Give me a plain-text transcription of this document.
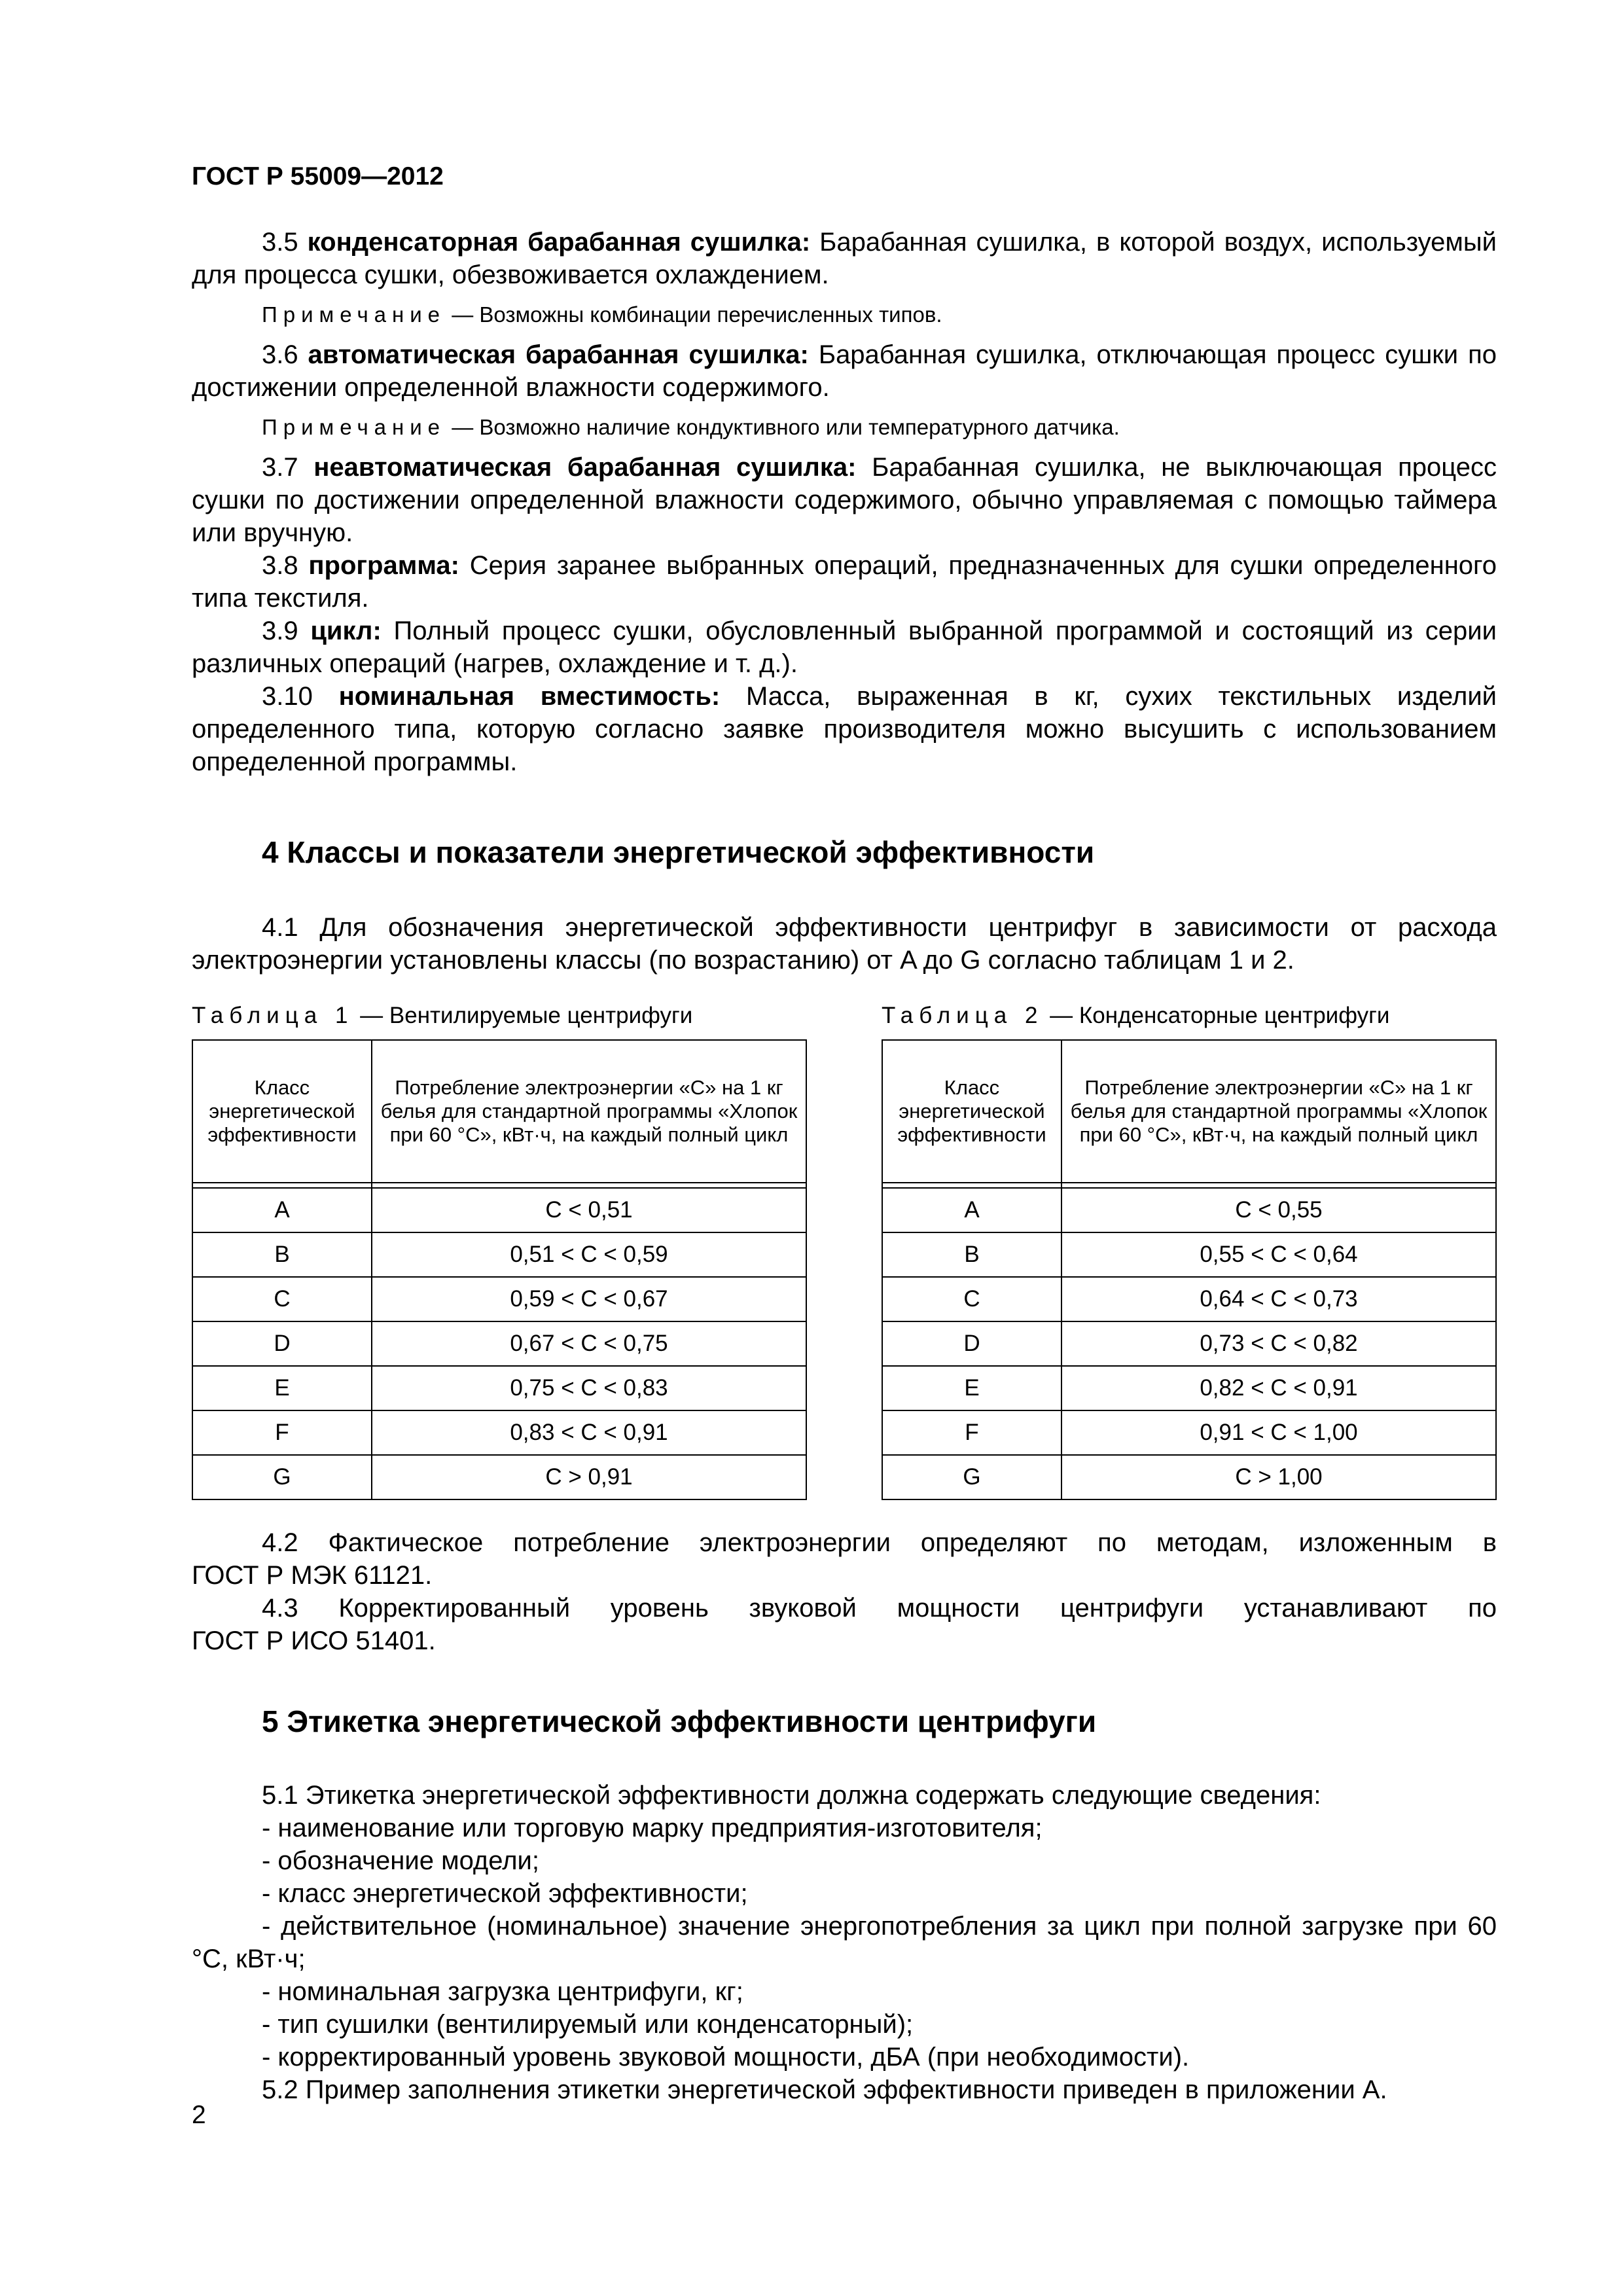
ГОСТ Р 55009—2012

3.5 конденсаторная барабанная сушилка: Барабанная сушилка, в которой воздух, используемый для процесса сушки, обезвоживается охлаждением.

Примечание — Возможны комбинации перечисленных типов.

3.6 автоматическая барабанная сушилка: Барабанная сушилка, отключающая процесс сушки по достижении определенной влажности содержимого.

Примечание — Возможно наличие кондуктивного или температурного датчика.

3.7 неавтоматическая барабанная сушилка: Барабанная сушилка, не выключающая процесс сушки по достижении определенной влажности содержимого, обычно управляемая с помощью таймера или вручную.

3.8 программа: Серия заранее выбранных операций, предназначенных для сушки определенного типа текстиля.

3.9 цикл: Полный процесс сушки, обусловленный выбранной программой и состоящий из серии различных операций (нагрев, охлаждение и т. д.).

3.10 номинальная вместимость: Масса, выраженная в кг, сухих текстильных изделий определенного типа, которую согласно заявке производителя можно высушить с использованием определенной программы.

4 Классы и показатели энергетической эффективности

4.1 Для обозначения энергетической эффективности центрифуг в зависимости от расхода электроэнергии установлены классы (по возрастанию) от A до G согласно таблицам 1 и 2.

Таблица 1 — Вентилируемые центрифуги
Класс энергетической эффективности	Потребление электроэнергии «C» на 1 кг белья для стандартной программы «Хлопок при 60 °C», кВт·ч, на каждый полный цикл

A	C < 0,51
B	0,51 < C < 0,59
C	0,59 < C < 0,67
D	0,67 < C < 0,75
E	0,75 < C < 0,83
F	0,83 < C < 0,91
G	C > 0,91
Таблица 2 — Конденсаторные центрифуги
Класс энергетической эффективности	Потребление электроэнергии «C» на 1 кг белья для стандартной программы «Хлопок при 60 °C», кВт·ч, на каждый полный цикл

A	C < 0,55
B	0,55 < C < 0,64
C	0,64 < C < 0,73
D	0,73 < C < 0,82
E	0,82 < C < 0,91
F	0,91 < C < 1,00
G	C > 1,00

4.2 Фактическое потребление электроэнергии определяют по методам, изложенным в

ГОСТ Р МЭК 61121.

4.3 Корректированный уровень звуковой мощности центрифуги устанавливают по

ГОСТ Р ИСО 51401.

5 Этикетка энергетической эффективности центрифуги

5.1 Этикетка энергетической эффективности должна содержать следующие сведения:

- наименование или торговую марку предприятия-изготовителя;
- обозначение модели;
- класс энергетической эффективности;
- действительное (номинальное) значение энергопотребления за цикл при полной загрузке при 60 °C, кВт·ч;
- номинальная загрузка центрифуги, кг;
- тип сушилки (вентилируемый или конденсаторный);
- корректированный уровень звуковой мощности, дБА (при необходимости).

5.2 Пример заполнения этикетки энергетической эффективности приведен в приложении А.

2
